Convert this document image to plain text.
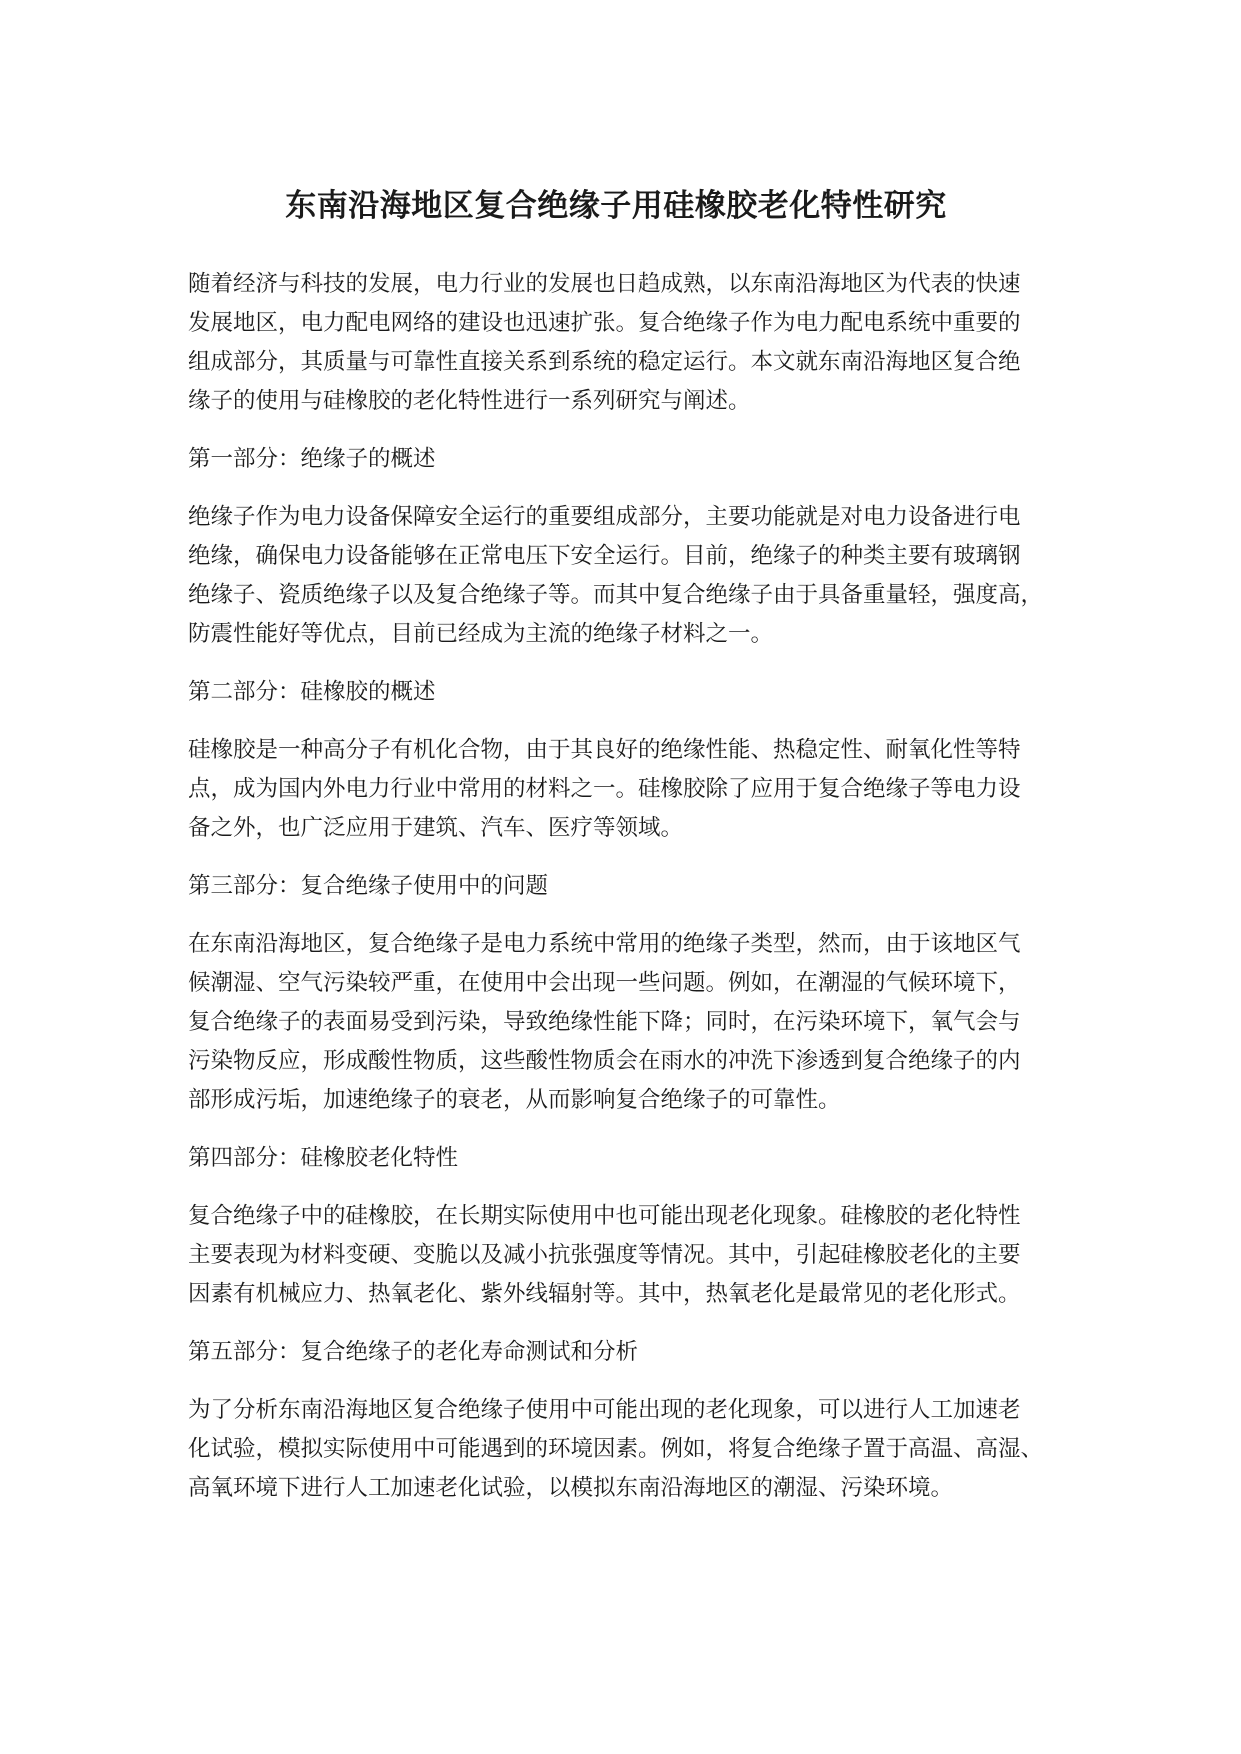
东南沿海地区复合绝缘子用硅橡胶老化特性研究

随着经济与科技的发展，电力行业的发展也日趋成熟，以东南沿海地区为代表的快速
发展地区，电力配电网络的建设也迅速扩张。复合绝缘子作为电力配电系统中重要的
组成部分，其质量与可靠性直接关系到系统的稳定运行。本文就东南沿海地区复合绝
缘子的使用与硅橡胶的老化特性进行一系列研究与阐述。

第一部分：绝缘子的概述

绝缘子作为电力设备保障安全运行的重要组成部分，主要功能就是对电力设备进行电
绝缘，确保电力设备能够在正常电压下安全运行。目前，绝缘子的种类主要有玻璃钢
绝缘子、瓷质绝缘子以及复合绝缘子等。而其中复合绝缘子由于具备重量轻，强度高，
防震性能好等优点，目前已经成为主流的绝缘子材料之一。

第二部分：硅橡胶的概述

硅橡胶是一种高分子有机化合物，由于其良好的绝缘性能、热稳定性、耐氧化性等特
点，成为国内外电力行业中常用的材料之一。硅橡胶除了应用于复合绝缘子等电力设
备之外，也广泛应用于建筑、汽车、医疗等领域。

第三部分：复合绝缘子使用中的问题

在东南沿海地区，复合绝缘子是电力系统中常用的绝缘子类型，然而，由于该地区气
候潮湿、空气污染较严重，在使用中会出现一些问题。例如，在潮湿的气候环境下，
复合绝缘子的表面易受到污染，导致绝缘性能下降；同时，在污染环境下，氧气会与
污染物反应，形成酸性物质，这些酸性物质会在雨水的冲洗下渗透到复合绝缘子的内
部形成污垢，加速绝缘子的衰老，从而影响复合绝缘子的可靠性。

第四部分：硅橡胶老化特性

复合绝缘子中的硅橡胶，在长期实际使用中也可能出现老化现象。硅橡胶的老化特性
主要表现为材料变硬、变脆以及减小抗张强度等情况。其中，引起硅橡胶老化的主要
因素有机械应力、热氧老化、紫外线辐射等。其中，热氧老化是最常见的老化形式。

第五部分：复合绝缘子的老化寿命测试和分析

为了分析东南沿海地区复合绝缘子使用中可能出现的老化现象，可以进行人工加速老
化试验，模拟实际使用中可能遇到的环境因素。例如，将复合绝缘子置于高温、高湿、
高氧环境下进行人工加速老化试验，以模拟东南沿海地区的潮湿、污染环境。
